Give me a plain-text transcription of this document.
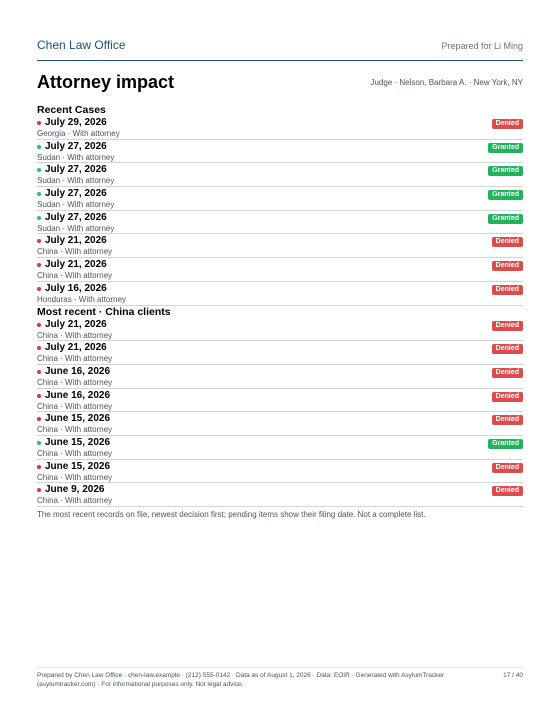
Chen Law Office	Prepared for Li Ming
Attorney impact	Judge · Nelson, Barbara A. · New York, NY
Recent Cases
July 29, 2026
Georgia · With attorney
Denied
July 27, 2026
Sudan · With attorney
Granted
July 27, 2026
Sudan · With attorney
Granted
July 27, 2026
Sudan · With attorney
Granted
July 27, 2026
Sudan · With attorney
Granted
July 21, 2026
China · With attorney
Denied
July 21, 2026
China · With attorney
Denied
July 16, 2026
Honduras · With attorney
Denied
Most recent · China clients
July 21, 2026
China · With attorney
Denied
July 21, 2026
China · With attorney
Denied
June 16, 2026
China · With attorney
Denied
June 16, 2026
China · With attorney
Denied
June 15, 2026
China · With attorney
Denied
June 15, 2026
China · With attorney
Granted
June 15, 2026
China · With attorney
Denied
June 9, 2026
China · With attorney
Denied
The most recent records on file, newest decision first; pending items show their filing date. Not a complete list.
Prepared by Chen Law Office · chen-law.example · (212) 555-0142 · Data as of August 1, 2026 · Data: EOIR · Generated with AsylumTracker (asylumtracker.com) · For informational purposes only. Not legal advice.
17 / 40
